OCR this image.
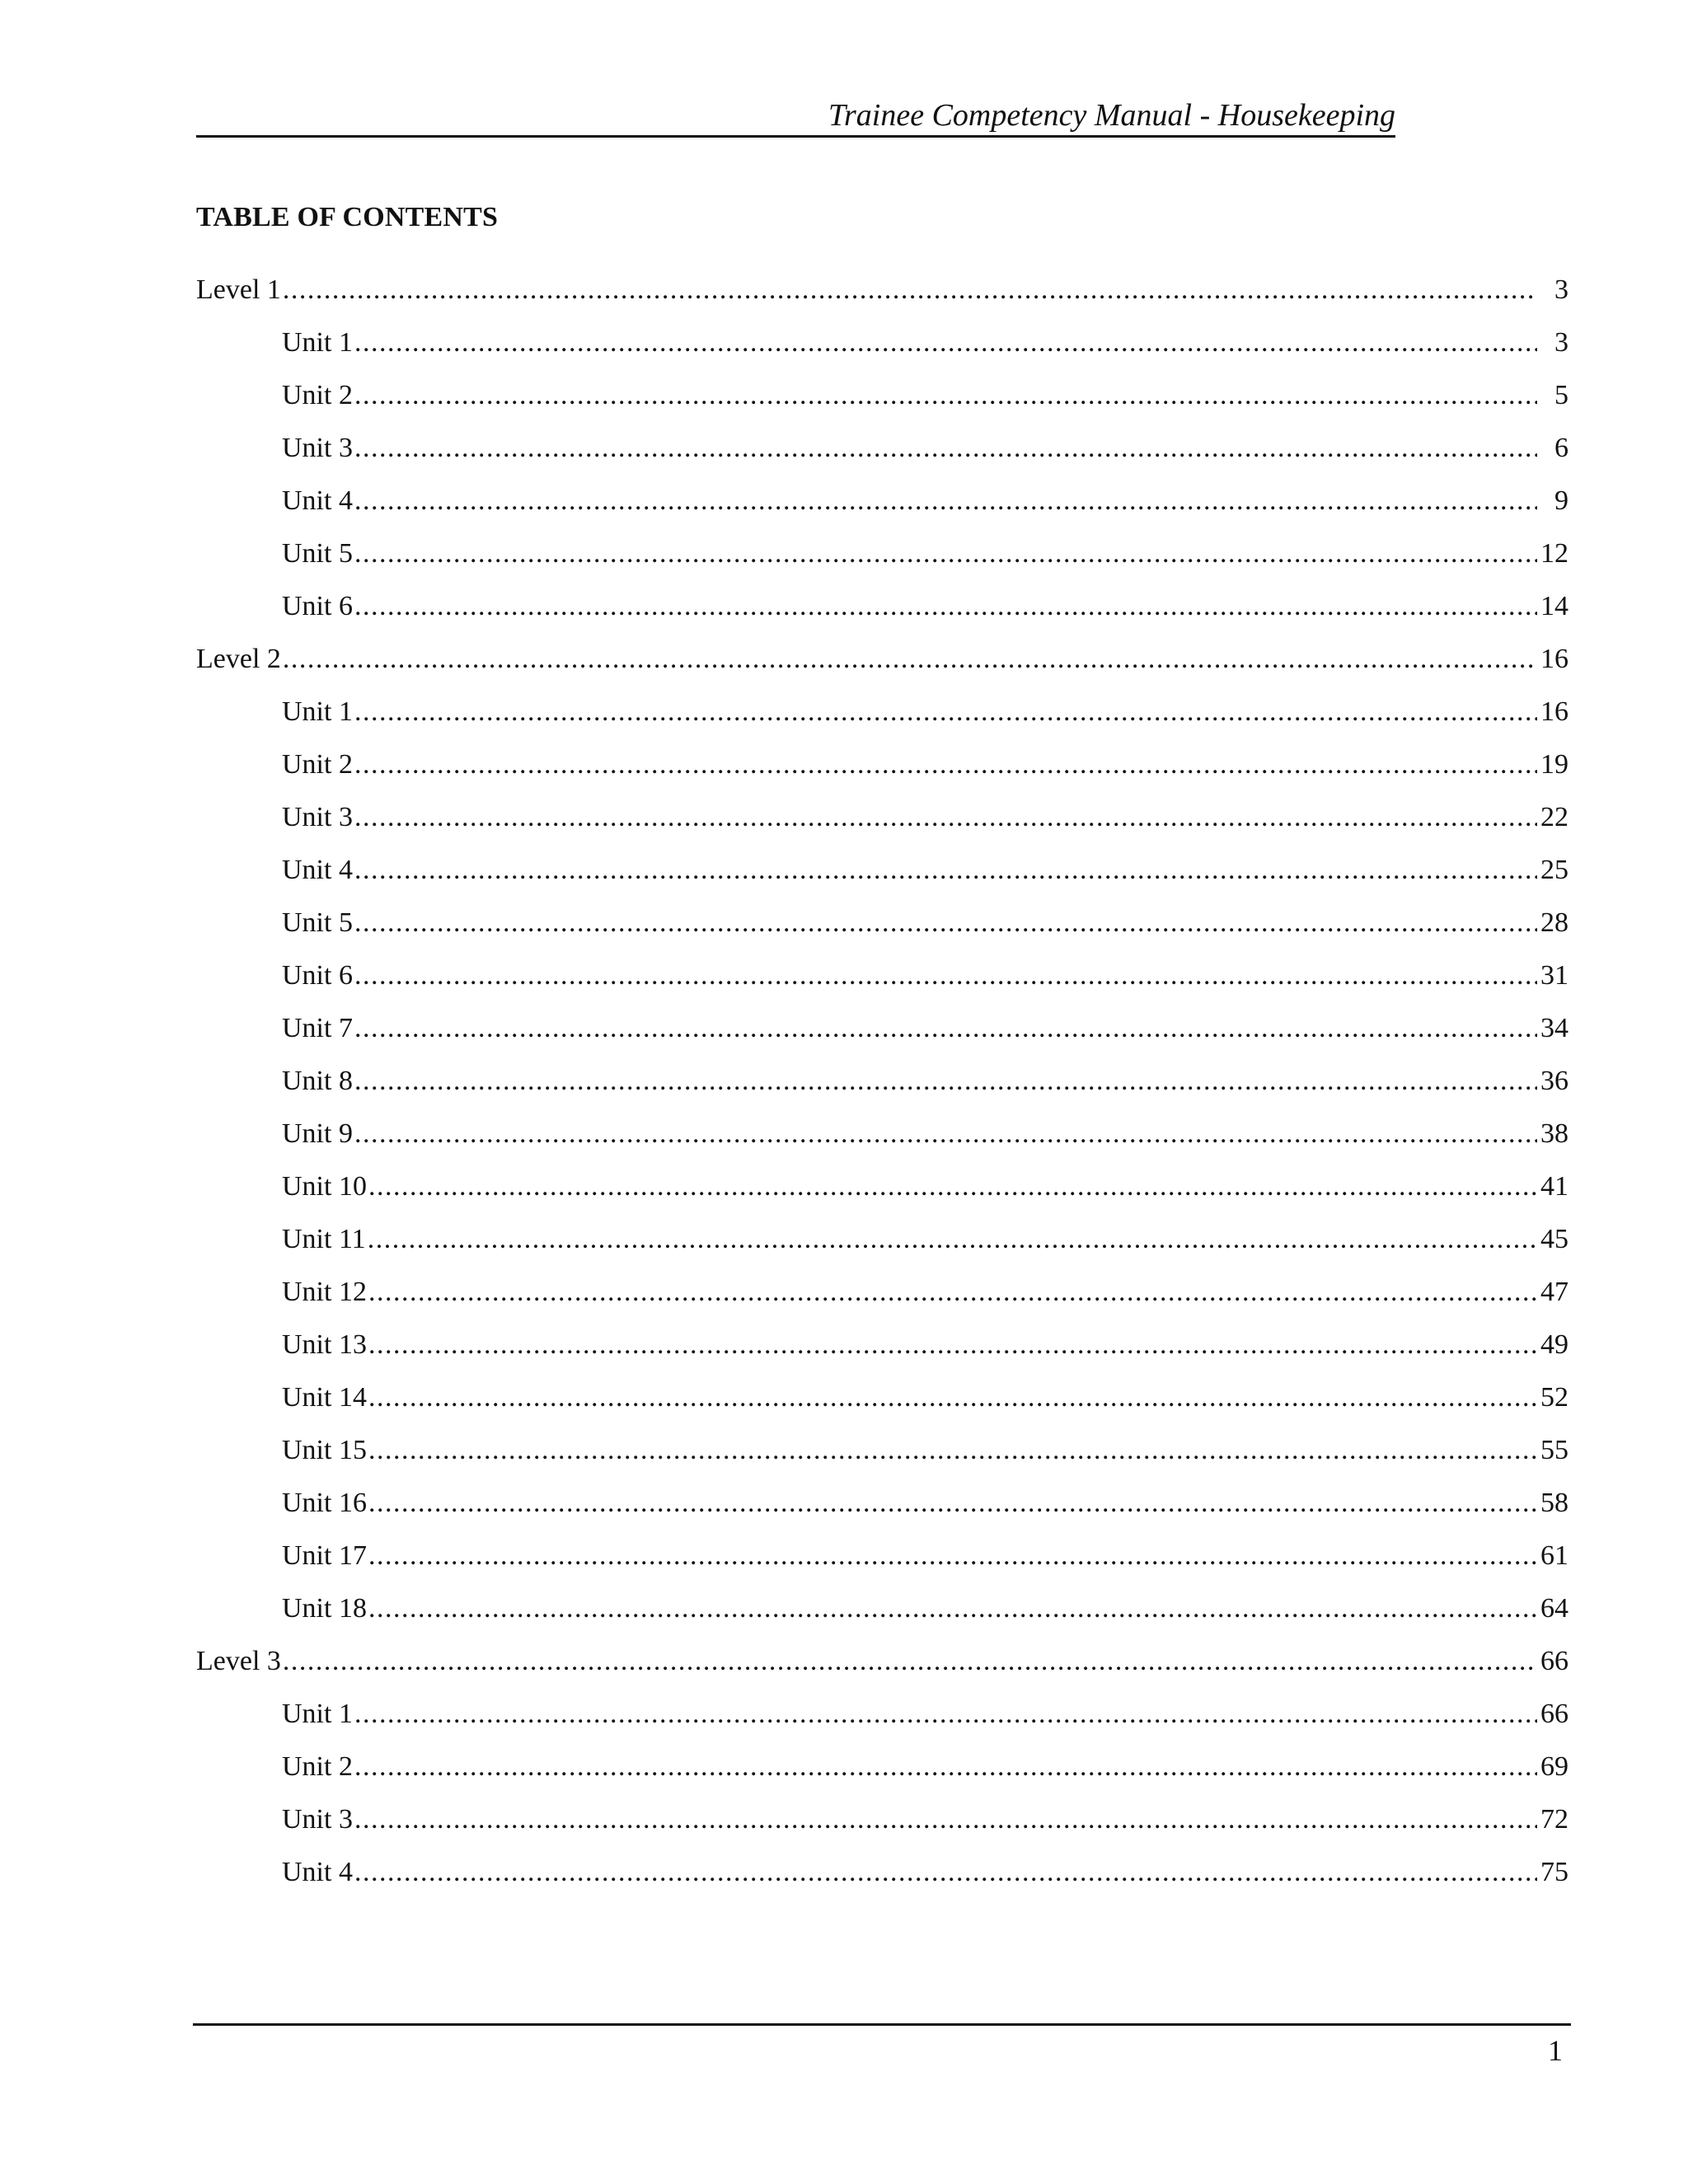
Trainee Competency Manual - Housekeeping
TABLE OF CONTENTS
Level 1 .....	3
Unit 1 .....	3
Unit 2 .....	5
Unit 3 .....	6
Unit 4 .....	9
Unit 5 .....	12
Unit 6 .....	14
Level 2 .....	16
Unit 1 .....	16
Unit 2 .....	19
Unit 3 .....	22
Unit 4 .....	25
Unit 5 .....	28
Unit 6 .....	31
Unit 7 .....	34
Unit 8 .....	36
Unit 9 .....	38
Unit 10 .....	41
Unit 11 .....	45
Unit 12 .....	47
Unit 13 .....	49
Unit 14 .....	52
Unit 15 .....	55
Unit 16 .....	58
Unit 17 .....	61
Unit 18 .....	64
Level 3 .....	66
Unit 1 .....	66
Unit 2 .....	69
Unit 3 .....	72
Unit 4 .....	75
1
